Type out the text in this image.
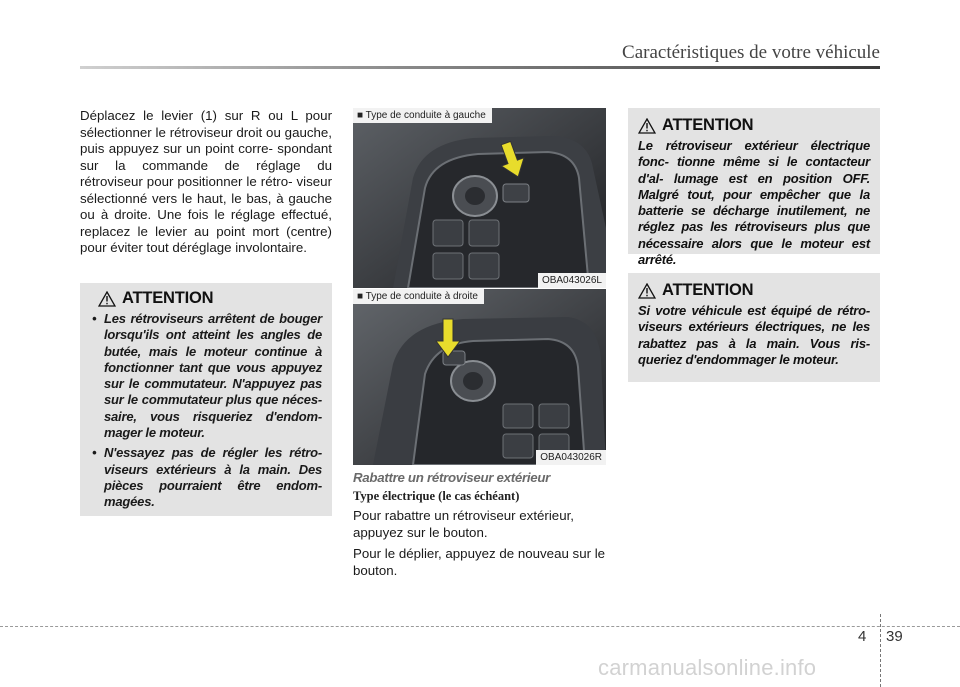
Caractéristiques de votre véhicule

Déplacez le levier (1) sur R ou L pour sélectionner le rétroviseur droit ou gauche, puis appuyez sur un point corre- spondant sur la commande de réglage du rétroviseur pour positionner le rétro- viseur sélectionné vers le haut, le bas, à gauche ou à droite. Une fois le réglage effectué, replacez le levier au point mort (centre) pour éviter tout déréglage involontaire.

ATTENTION
• Les rétroviseurs arrêtent de bouger lorsqu'ils ont atteint les angles de butée, mais le moteur continue à fonctionner tant que vous appuyez sur le commutateur. N'appuyez pas sur le commutateur plus que néces- saire, vous risqueriez d'endom- mager le moteur.
• N'essayez pas de régler les rétro- viseurs extérieurs à la main. Des pièces pourraient être endom- magées.
■ Type de conduite à gauche
OBA043026L
■ Type de conduite à droite
OBA043026R
Rabattre un rétroviseur extérieur
Type électrique (le cas échéant)

Pour rabattre un rétroviseur extérieur, appuyez sur le bouton.

Pour le déplier, appuyez de nouveau sur le bouton.

ATTENTION

Le rétroviseur extérieur électrique fonc- tionne même si le contacteur d'al- lumage est en position OFF. Malgré tout, pour empêcher que la batterie se décharge inutilement, ne réglez pas les rétroviseurs plus que nécessaire alors que le moteur est arrêté.

ATTENTION

Si votre véhicule est équipé de rétro- viseurs extérieurs électriques, ne les rabattez pas à la main. Vous ris- queriez d'endommager le moteur.

4 39
carmanualsonline.info
